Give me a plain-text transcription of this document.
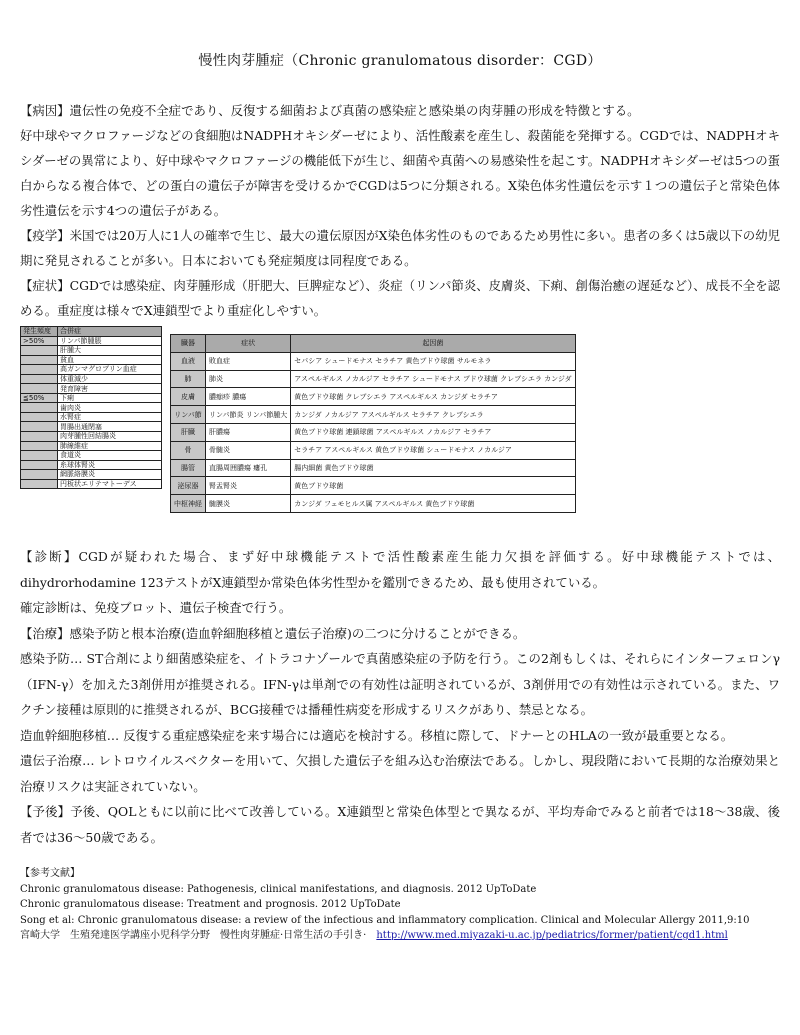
慢性肉芽腫症（Chronic granulomatous disorder：CGD）

【病因】遺伝性の免疫不全症であり、反復する細菌および真菌の感染症と感染巣の肉芽腫の形成を特徴とする。

好中球やマクロファージなどの食細胞はNADPHオキシダーゼにより、活性酸素を産生し、殺菌能を発揮する。CGDでは、NADPHオキシダーゼの異常により、好中球やマクロファージの機能低下が生じ、細菌や真菌への易感染性を起こす。NADPHオキシダーゼは5つの蛋白からなる複合体で、どの蛋白の遺伝子が障害を受けるかでCGDは5つに分類される。X染色体劣性遺伝を示す１つの遺伝子と常染色体劣性遺伝を示す4つの遺伝子がある。

【疫学】米国では20万人に1人の確率で生じ、最大の遺伝原因がX染色体劣性のものであるため男性に多い。患者の多くは5歳以下の幼児期に発見されることが多い。日本においても発症頻度は同程度である。

【症状】CGDでは感染症、肉芽腫形成（肝肥大、巨脾症など）、炎症（リンパ節炎、皮膚炎、下痢、創傷治癒の遅延など）、成長不全を認める。重症度は様々でX連鎖型でより重症化しやすい。

発生頻度	合併症
>50%	リンパ節腫脹
	肝腫大
	貧血
	高ガンマグロブリン血症
	体重減少
	発育障害
≦50%	下痢
	歯肉炎
	水腎症
	胃腸出通閉塞
	肉芽腫性回結腸炎
	肺線維症
	食道炎
	糸球体腎炎
	網脈絡膜炎
	円板状エリテマトーデス
臓器	症状	起因菌
血液	敗血症	セパシア シュードモナス セラチア 黄色ブドウ球菌 サルモネラ
肺	肺炎	アスペルギルス ノカルジア セラチア シュードモナス ブドウ球菌 クレブシエラ カンジダ
皮膚	膿痂疹 膿瘍	黄色ブドウ球菌 クレブシエラ アスペルギルス カンジダ セラチア
リンパ節	リンパ節炎 リンパ節腫大	カンジダ ノカルジア アスペルギルス セラチア クレブシエラ
肝臓	肝膿瘍	黄色ブドウ球菌 連鎖球菌 アスペルギルス ノカルジア セラチア
骨	骨髄炎	セラチア アスペルギルス 黄色ブドウ球菌 シュードモナス ノカルジア
腸管	直腸周囲膿瘍 瘻孔	腸内細菌 黄色ブドウ球菌
泌尿器	腎盂腎炎	黄色ブドウ球菌
中枢神経	髄膜炎	カンジダ フェモヒルス属 アスペルギルス 黄色ブドウ球菌

【診断】CGDが疑われた場合、まず好中球機能テストで活性酸素産生能力欠損を評価する。好中球機能テストでは、dihydrorhodamine 123テストがX連鎖型か常染色体劣性型かを鑑別できるため、最も使用されている。

確定診断は、免疫ブロット、遺伝子検査で行う。

【治療】感染予防と根本治療(造血幹細胞移植と遺伝子治療)の二つに分けることができる。

感染予防… ST合剤により細菌感染症を、イトラコナゾールで真菌感染症の予防を行う。この2剤もしくは、それらにインターフェロンγ（IFN-γ）を加えた3剤併用が推奨される。IFN-γは単剤での有効性は証明されているが、3剤併用での有効性は示されている。また、ワクチン接種は原則的に推奨されるが、BCG接種では播種性病変を形成するリスクがあり、禁忌となる。

造血幹細胞移植… 反復する重症感染症を来す場合には適応を検討する。移植に際して、ドナーとのHLAの一致が最重要となる。

遺伝子治療… レトロウイルスベクターを用いて、欠損した遺伝子を組み込む治療法である。しかし、現段階において長期的な治療効果と治療リスクは実証されていない。

【予後】予後、QOLともに以前に比べて改善している。X連鎖型と常染色体型とで異なるが、平均寿命でみると前者では18〜38歳、後者では36〜50歳である。

【参考文献】
Chronic granulomatous disease: Pathogenesis, clinical manifestations, and diagnosis. 2012 UpToDate
Chronic granulomatous disease: Treatment and prognosis. 2012 UpToDate
Song et al: Chronic granulomatous disease: a review of the infectious and inflammatory complication. Clinical and Molecular Allergy 2011,9:10
宮崎大学　生殖発達医学講座小児科学分野　慢性肉芽腫症·日常生活の手引き·　http://www.med.miyazaki-u.ac.jp/pediatrics/former/patient/cgd1.html
